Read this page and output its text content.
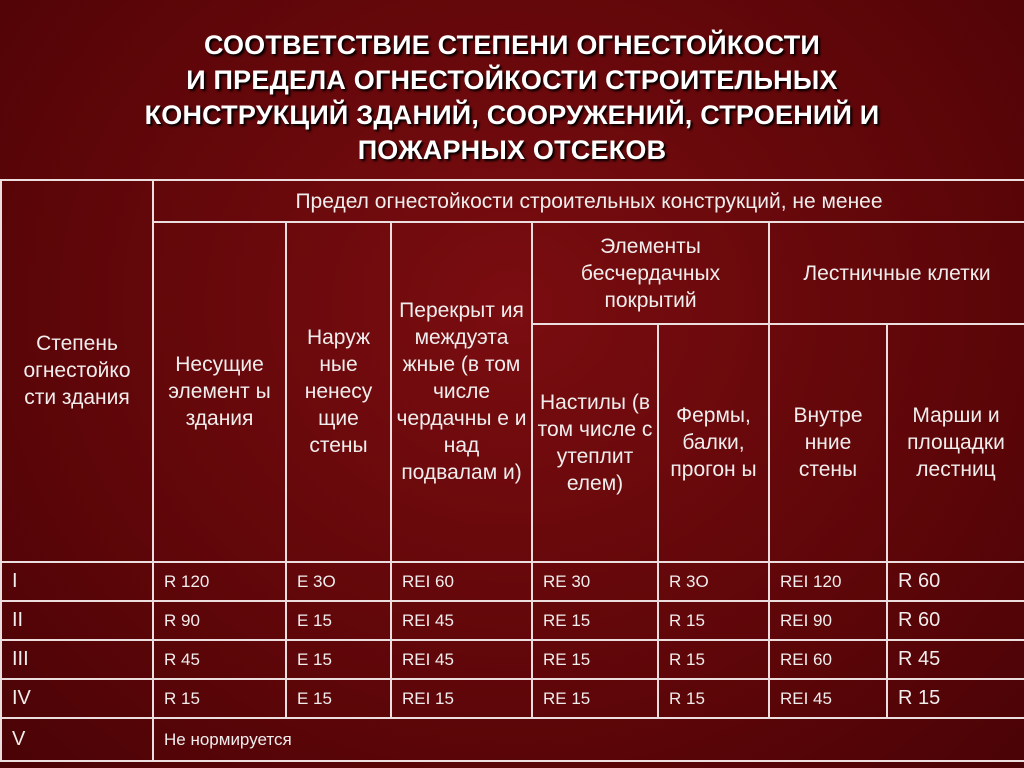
СООТВЕТСТВИЕ СТЕПЕНИ ОГНЕСТОЙКОСТИ
И ПРЕДЕЛА ОГНЕСТОЙКОСТИ СТРОИТЕЛЬНЫХ
КОНСТРУКЦИЙ ЗДАНИЙ, СООРУЖЕНИЙ, СТРОЕНИЙ И
ПОЖАРНЫХ ОТСЕКОВ
Степень огнестойко сти здания	Предел огнестойкости строительных конструкций, не менее						
	Несущие элемент ы здания	Наруж ные ненесу щие стены	Перекрыт ия междуэта жные (в том числе чердачны е и над подвалам и)	Элементы бесчердачных покрытий		Лестничные клетки	
				Настилы (в том числе с утеплит елем)	Фермы, балки, прогон ы	Внутре нние стены	Марши и площадки лестниц
I	R 120	E 3O	REI 60	RE 30	R 3O	REI 120	R 60
II	R 90	E 15	REI 45	RE 15	R 15	REI 90	R 60
III	R 45	E 15	REI 45	RE 15	R 15	REI 60	R 45
IV	R 15	E 15	REI 15	RE 15	R 15	REI 45	R 15
V	Не нормируется						
